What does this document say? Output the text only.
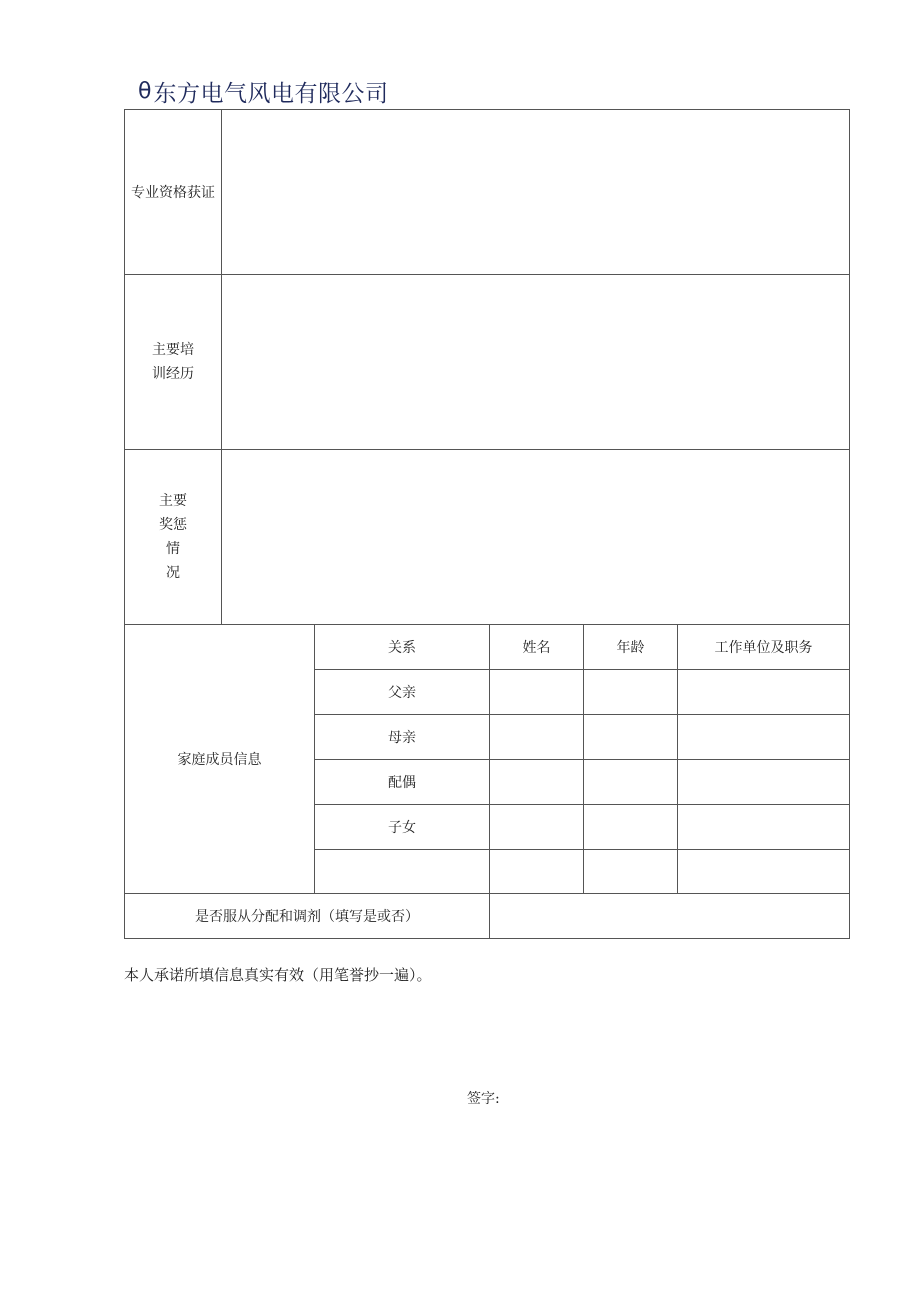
θ 东方电气风电有限公司
专业资格获证					

主要培
训经历					

主要
奖惩
情
况					

家庭成员信息		关系	姓名	年龄	工作单位及职务
		父亲			
		母亲			
		配偶			
		子女			

是否服从分配和调剂（填写是或否）					
本人承诺所填信息真实有效（用笔誉抄一遍）。
签字:
